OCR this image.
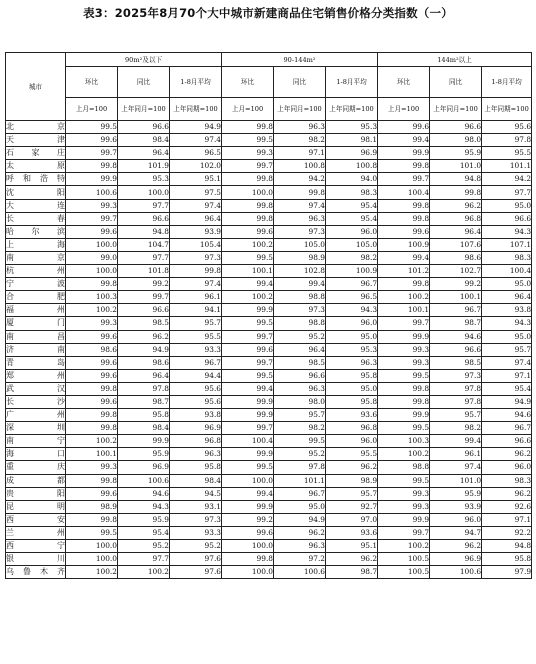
表3：2025年8月70个大中城市新建商品住宅销售价格分类指数（一）
城市	90m²及以下			90-144m²			144m²以上		
	环比	同比	1-8月平均	环比	同比	1-8月平均	环比	同比	1-8月平均
	上月=100	上年同月=100	上年同期=100	上月=100	上年同月=100	上年同期=100	上月=100	上年同月=100	上年同期=100
北京	99.5	96.6	94.9	99.8	96.3	95.3	99.6	96.6	95.6
天津	99.6	98.4	97.4	99.5	98.2	98.1	99.4	98.0	97.8
石家庄	99.7	96.4	96.5	99.3	97.1	96.9	99.9	95.9	95.5
太原	99.8	101.9	102.0	99.7	100.8	100.8	99.8	101.0	101.1
呼和浩特	99.9	95.3	95.1	99.8	94.2	94.0	99.7	94.8	94.2
沈阳	100.6	100.0	97.5	100.0	99.8	98.3	100.4	99.8	97.7
大连	99.3	97.7	97.4	99.8	97.4	95.4	99.8	96.2	95.0
长春	99.7	96.6	96.4	99.8	96.3	95.4	99.8	96.8	96.6
哈尔滨	99.6	94.8	93.9	99.6	97.3	96.0	99.6	96.4	94.3
上海	100.0	104.7	105.4	100.2	105.0	105.0	100.9	107.6	107.1
南京	99.0	97.7	97.3	99.5	98.9	98.2	99.4	98.6	98.3
杭州	100.0	101.8	99.8	100.1	102.8	100.9	101.2	102.7	100.4
宁波	99.8	99.2	97.4	99.4	99.4	96.7	99.8	99.2	95.0
合肥	100.3	99.7	96.1	100.2	98.8	96.5	100.2	100.1	96.4
福州	100.2	96.6	94.1	99.9	97.3	94.3	100.1	96.7	93.8
厦门	99.3	98.5	95.7	99.5	98.8	96.0	99.7	98.7	94.3
南昌	99.6	96.2	95.5	99.7	95.2	95.0	99.9	94.6	95.0
济南	98.6	94.9	93.3	99.6	96.4	95.3	99.3	96.6	95.7
青岛	99.6	98.6	96.7	99.7	98.5	96.3	99.3	98.5	97.4
郑州	99.6	96.4	94.4	99.5	96.6	95.8	99.5	97.3	97.1
武汉	99.8	97.8	95.6	99.4	96.3	95.0	99.8	97.8	95.4
长沙	99.6	98.7	95.6	99.9	98.0	95.8	99.8	97.8	94.9
广州	99.8	95.8	93.8	99.9	95.7	93.6	99.9	95.7	94.6
深圳	99.8	98.4	96.9	99.7	98.2	96.8	99.5	98.2	96.7
南宁	100.2	99.9	96.8	100.4	99.5	96.0	100.3	99.4	96.6
海口	100.1	95.9	96.3	99.9	95.2	95.5	100.2	96.1	96.2
重庆	99.3	96.9	95.8	99.5	97.8	96.2	98.8	97.4	96.0
成都	99.8	100.6	98.4	100.0	101.1	98.9	99.5	101.0	98.3
贵阳	99.6	94.6	94.5	99.4	96.7	95.7	99.3	95.9	96.2
昆明	98.9	94.3	93.1	99.9	95.0	92.7	99.3	93.9	92.6
西安	99.8	95.9	97.3	99.2	94.9	97.0	99.9	96.0	97.1
兰州	99.5	95.4	93.3	99.6	96.2	93.6	99.7	94.7	92.2
西宁	100.0	95.2	95.2	100.0	96.3	95.1	100.2	96.2	94.8
银川	100.0	97.7	97.6	99.8	97.2	96.2	100.5	96.9	95.8
乌鲁木齐	100.2	100.2	97.6	100.0	100.6	98.7	100.5	100.6	97.9
